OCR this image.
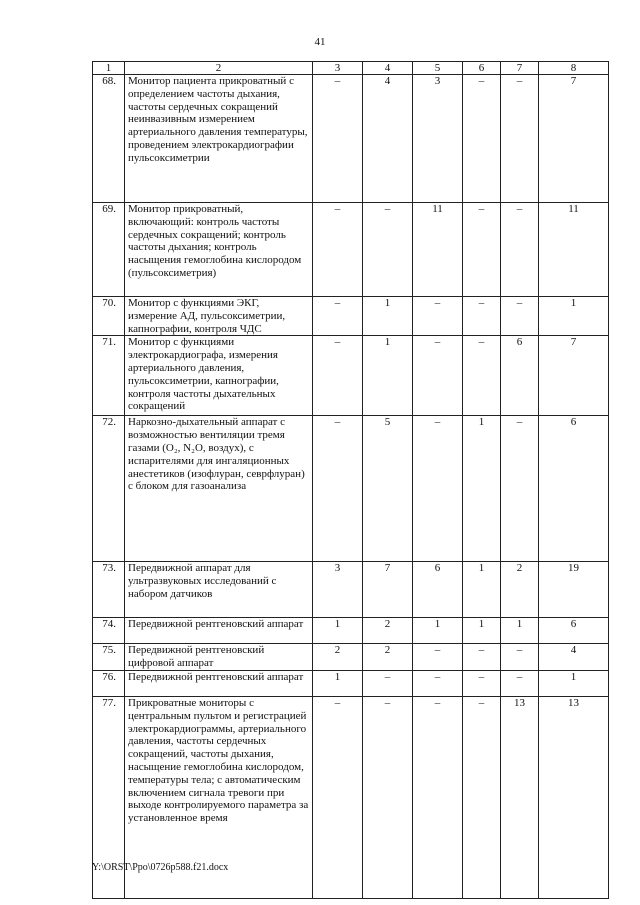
41
1	2	3	4	5	6	7	8
68.	Монитор пациента прикроватный с определением частоты дыхания, частоты сердечных сокращений неинвазивным измерением артериального давления температуры, проведением электрокардиографии пульсоксиметрии	–	4	3	–	–	7
69.	Монитор прикроватный, включающий: контроль частоты сердечных сокращений; контроль частоты дыхания; контроль насыщения гемоглобина кислородом (пульсоксиметрия)	–	–	11	–	–	11
70.	Монитор с функциями ЭКГ, измерение АД, пульсоксиметрии, капнографии, контроля ЧДС	–	1	–	–	–	1
71.	Монитор с функциями электрокардиографа, измерения артериального давления, пульсоксиметрии, капнографии, контроля частоты дыхательных сокращений	–	1	–	–	6	7
72.	Наркозно-дыхательный аппарат с возможностью вентиляции тремя газами (O₂, N₂O, воздух), с испарителями для ингаляционных анестетиков (изофлуран, севрфлуран) с блоком для газоанализа	–	5	–	1	–	6
73.	Передвижной аппарат для ультразвуковых исследований с набором датчиков	3	7	6	1	2	19
74.	Передвижной рентгеновский аппарат	1	2	1	1	1	6
75.	Передвижной рентгеновский цифровой аппарат	2	2	–	–	–	4
76.	Передвижной рентгеновский аппарат	1	–	–	–	–	1
77.	Прикроватные мониторы с центральным пультом и регистрацией электрокардиограммы, артериального давления, частоты сердечных сокращений, частоты дыхания, насыщение гемоглобина кислородом, температуры тела; с автоматическим включением сигнала тревоги при выходе контролируемого параметра за установленное время	–	–	–	–	13	13
Y:\ORST\Ppo\0726p588.f21.docx
